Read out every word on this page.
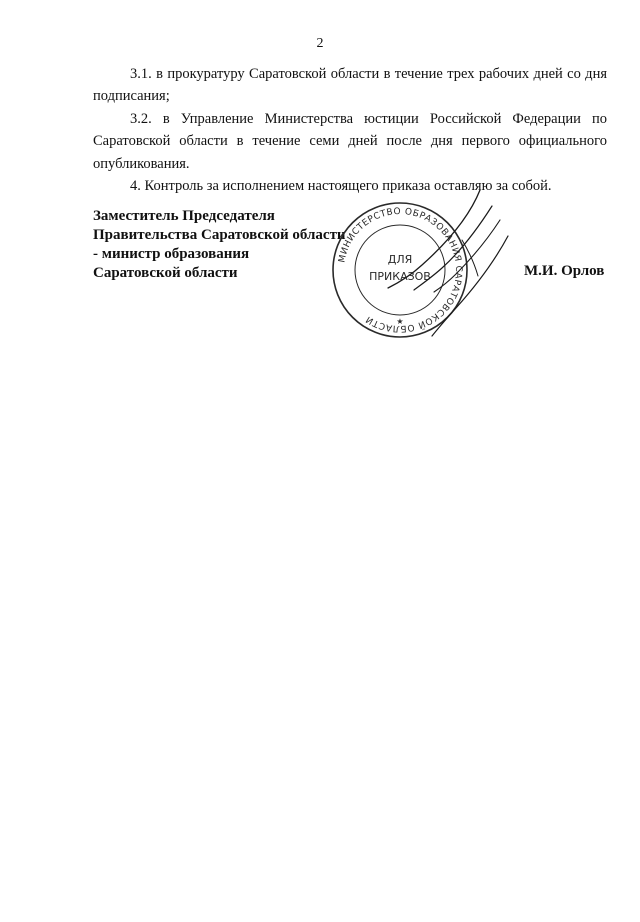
2

3.1. в прокуратуру Саратовской области в течение трех рабочих дней со дня подписания;

3.2. в Управление Министерства юстиции Российской Федерации по Саратовской области в течение семи дней после дня первого официального опубликования.

4. Контроль за исполнением настоящего приказа оставляю за собой.

Заместитель Председателя
Правительства Саратовской области
- министр образования
Саратовской области
МИНИСТЕРСТВО ОБРАЗОВАНИЯ САРАТОВСКОЙ ОБЛАСТИ
ДЛЯ
ПРИКАЗОВ
★
М.И. Орлов
